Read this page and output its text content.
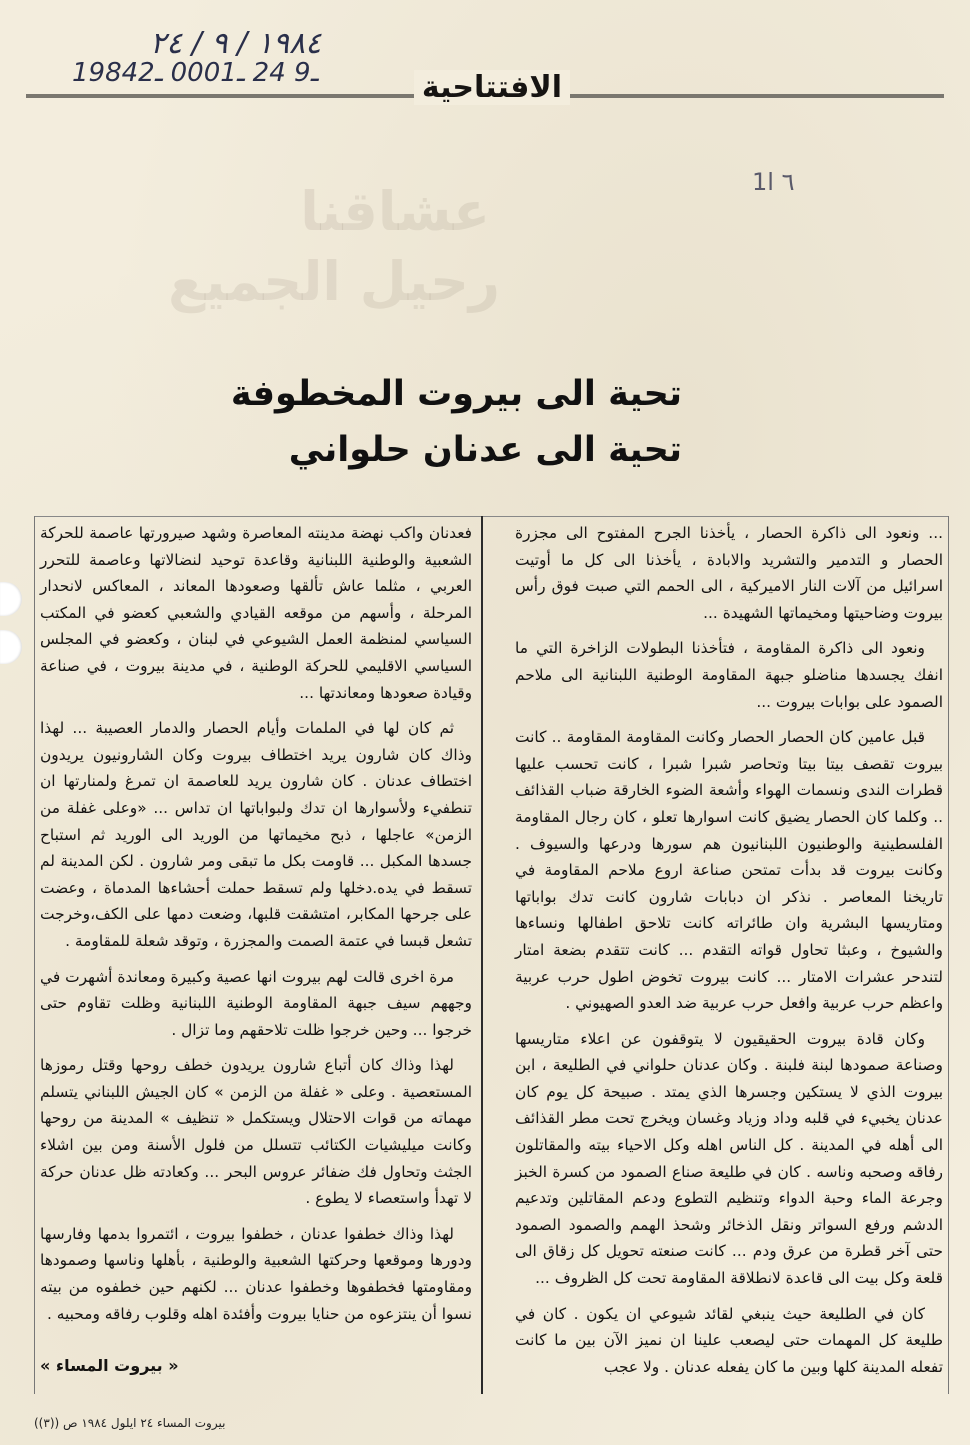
١٩٨٤ / ٩ / ٢٤
1984ـ9 24 ـ0001 ـ2	الافتتاحية
عشاقنا
رحيل الجميع
1٦ ا
تحية الى بيروت المخطوفة
تحية الى عدنان حلواني

... ونعود الى ذاكرة الحصار ، يأخذنا الجرح المفتوح الى مجزرة الحصار و التدمير والتشريد والابادة ، يأخذنا الى كل ما أوتيت اسرائيل من آلات النار الاميركية ، الى الحمم التي صبت فوق رأس بيروت وضاحيتها ومخيماتها الشهيدة ...

ونعود الى ذاكرة المقاومة ، فتأخذنا البطولات الزاخرة التي ما انفك يجسدها مناضلو جبهة المقاومة الوطنية اللبنانية الى ملاحم الصمود على بوابات بيروت ...

قبل عامين كان الحصار الحصار وكانت المقاومة المقاومة .. كانت بيروت تقصف بيتا بيتا وتحاصر شبرا شبرا ، كانت تحسب عليها قطرات الندى ونسمات الهواء وأشعة الضوء الخارقة ضباب القذائف .. وكلما كان الحصار يضيق كانت اسوارها تعلو ، كان رجال المقاومة الفلسطينية والوطنيون اللبنانيون هم سورها ودرعها والسيوف . وكانت بيروت قد بدأت تمتحن صناعة اروع ملاحم المقاومة في تاريخنا المعاصر . نذكر ان دبابات شارون كانت تدك بواباتها ومتاريسها البشرية وان طائراته كانت تلاحق اطفالها ونساءها والشيوخ ، وعبثا تحاول قواته التقدم ... كانت تتقدم بضعة امتار لتندحر عشرات الامتار ... كانت بيروت تخوض اطول حرب عربية واعظم حرب عربية وافعل حرب عربية ضد العدو الصهيوني .

وكان قادة بيروت الحقيقيون لا يتوقفون عن اعلاء متاريسها وصناعة صمودها لبنة فلبنة . وكان عدنان حلواني في الطليعة ، ابن بيروت الذي لا يستكين وجسرها الذي يمتد . صبيحة كل يوم كان عدنان يخبيء في قلبه وداد وزياد وغسان ويخرج تحت مطر القذائف الى أهله في المدينة . كل الناس اهله وكل الاحياء بيته والمقاتلون رفاقه وصحبه وناسه . كان في طليعة صناع الصمود من كسرة الخبز وجرعة الماء وحبة الدواء وتنظيم التطوع ودعم المقاتلين وتدعيم الدشم ورفع السواتر ونقل الذخائر وشحذ الهمم والصمود الصمود حتى آخر قطرة من عرق ودم ... كانت صنعته تحويل كل زقاق الى قلعة وكل بيت الى قاعدة لانطلاقة المقاومة تحت كل الظروف ...

كان في الطليعة حيث ينبغي لقائد شيوعي ان يكون . كان في طليعة كل المهمات حتى ليصعب علينا ان نميز الآن بين ما كانت تفعله المدينة كلها وبين ما كان يفعله عدنان . ولا عجب

فعدنان واكب نهضة مدينته المعاصرة وشهد صيرورتها عاصمة للحركة الشعبية والوطنية اللبنانية وقاعدة توحيد لنضالاتها وعاصمة للتحرر العربي ، مثلما عاش تألقها وصعودها المعاند ، المعاكس لانحدار المرحلة ، وأسهم من موقعه القيادي والشعبي كعضو في المكتب السياسي لمنظمة العمل الشيوعي في لبنان ، وكعضو في المجلس السياسي الاقليمي للحركة الوطنية ، في مدينة بيروت ، في صناعة وقيادة صعودها ومعاندتها ...

ثم كان لها في الملمات وأيام الحصار والدمار العصيبة ... لهذا وذاك كان شارون يريد اختطاف بيروت وكان الشارونيون يريدون اختطاف عدنان . كان شارون يريد للعاصمة ان تمرغ ولمنارتها ان تنطفيء ولأسوارها ان تدك ولبواباتها ان تداس ... «وعلى غفلة من الزمن» عاجلها ، ذبح مخيماتها من الوريد الى الوريد ثم استباح جسدها المكبل ... قاومت بكل ما تبقى ومر شارون . لكن المدينة لم تسقط في يده.دخلها ولم تسقط حملت أحشاءها المدماة ، وعضت على جرحها المكابر، امتشقت قلبها، وضعت دمها على الكف،وخرجت تشعل قبسا في عتمة الصمت والمجزرة ، وتوقد شعلة للمقاومة .

مرة اخرى قالت لهم بيروت انها عصية وكبيرة ومعاندة أشهرت في وجههم سيف جبهة المقاومة الوطنية اللبنانية وظلت تقاوم حتى خرجوا ... وحين خرجوا ظلت تلاحقهم وما تزال .

لهذا وذاك كان أتباع شارون يريدون خطف روحها وقتل رموزها المستعصية . وعلى « غفلة من الزمن » كان الجيش اللبناني يتسلم مهماته من قوات الاحتلال ويستكمل « تنظيف » المدينة من روحها وكانت ميليشيات الكتائب تتسلل من فلول الأسنة ومن بين اشلاء الجثث وتحاول فك ضفائر عروس البحر ... وكعادته ظل عدنان حركة لا تهدأ واستعصاء لا يطوع .

لهذا وذاك خطفوا عدنان ، خطفوا بيروت ، ائتمروا بدمها وفارسها ودورها وموقعها وحركتها الشعبية والوطنية ، بأهلها وناسها وصمودها ومقاومتها فخطفوها وخطفوا عدنان ... لكنهم حين خطفوه من بيته نسوا أن ينتزعوه من حنايا بيروت وأفئدة اهله وقلوب رفاقه ومحبيه .

« بيروت المساء »

بيروت المساء ٢٤ ايلول ١٩٨٤ ص ((٣))
